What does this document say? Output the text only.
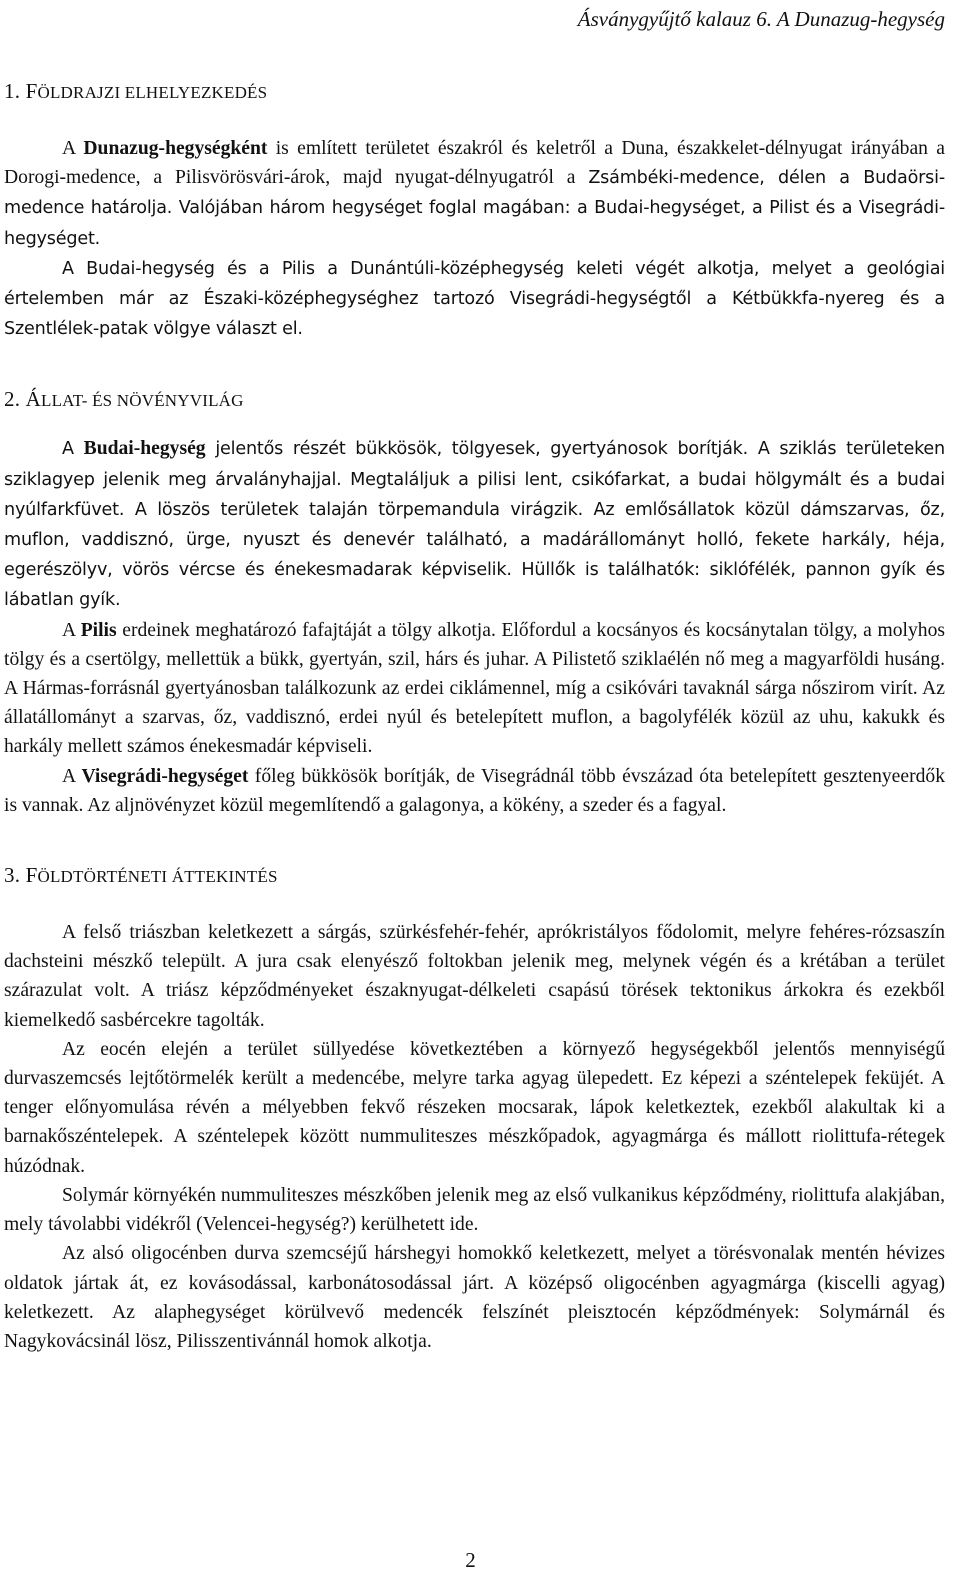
Ásványgyűjtő kalauz 6. A Dunazug-hegység
1. FÖLDRAJZI ELHELYEZKEDÉS

A Dunazug-hegységként is említett területet északról és keletről a Duna, északkelet-délnyugat irányában a Dorogi-medence, a Pilisvörösvári-árok, majd nyugat-délnyugatról a Zsámbéki-medence, délen a Budaörsi-medence határolja. Valójában három hegységet foglal magában: a Budai-hegységet, a Pilist és a Visegrádi-hegységet.

A Budai-hegység és a Pilis a Dunántúli-középhegység keleti végét alkotja, melyet a geológiai értelemben már az Északi-középhegységhez tartozó Visegrádi-hegységtől a Kétbükkfa-nyereg és a Szentlélek-patak völgye választ el.

2. ÁLLAT- ÉS NÖVÉNYVILÁG

A Budai-hegység jelentős részét bükkösök, tölgyesek, gyertyánosok borítják. A sziklás területeken sziklagyep jelenik meg árvalányhajjal. Megtaláljuk a pilisi lent, csikófarkat, a budai hölgymált és a budai nyúlfarkfüvet. A löszös területek talaján törpemandula virágzik. Az emlősállatok közül dámszarvas, őz, muflon, vaddisznó, ürge, nyuszt és denevér található, a madárállományt holló, fekete harkály, héja, egerészölyv, vörös vércse és énekesmadarak képviselik. Hüllők is találhatók: siklófélék, pannon gyík és lábatlan gyík.

A Pilis erdeinek meghatározó fafajtáját a tölgy alkotja. Előfordul a kocsányos és kocsánytalan tölgy, a molyhos tölgy és a csertölgy, mellettük a bükk, gyertyán, szil, hárs és juhar. A Pilistető sziklaélén nő meg a magyarföldi husáng. A Hármas-forrásnál gyertyánosban találkozunk az erdei ciklámennel, míg a csikóvári tavaknál sárga nőszirom virít. Az állatállományt a szarvas, őz, vaddisznó, erdei nyúl és betelepített muflon, a bagolyfélék közül az uhu, kakukk és harkály mellett számos énekesmadár képviseli.

A Visegrádi-hegységet főleg bükkösök borítják, de Visegrádnál több évszázad óta betelepített gesztenyeerdők is vannak. Az aljnövényzet közül megemlítendő a galagonya, a kökény, a szeder és a fagyal.

3. FÖLDTÖRTÉNETI ÁTTEKINTÉS

A felső triászban keletkezett a sárgás, szürkésfehér-fehér, aprókristályos fődolomit, melyre fehéres-rózsaszín dachsteini mészkő települt. A jura csak elenyésző foltokban jelenik meg, melynek végén és a krétában a terület szárazulat volt. A triász képződményeket északnyugat-délkeleti csapású törések tektonikus árkokra és ezekből kiemelkedő sasbércekre tagolták.

Az eocén elején a terület süllyedése következtében a környező hegységekből jelentős mennyiségű durvaszemcsés lejtőtörmelék került a medencébe, melyre tarka agyag ülepedett. Ez képezi a széntelepek feküjét. A tenger előnyomulása révén a mélyebben fekvő részeken mocsarak, lápok keletkeztek, ezekből alakultak ki a barnakőszéntelepek. A széntelepek között nummuliteszes mészkőpadok, agyagmárga és mállott riolittufa-rétegek húzódnak.

Solymár környékén nummuliteszes mészkőben jelenik meg az első vulkanikus képződmény, riolittufa alakjában, mely távolabbi vidékről (Velencei-hegység?) kerülhetett ide.

Az alsó oligocénben durva szemcséjű hárshegyi homokkő keletkezett, melyet a törésvonalak mentén hévizes oldatok jártak át, ez kovásodással, karbonátosodással járt. A középső oligocénben agyagmárga (kiscelli agyag) keletkezett. Az alaphegységet körülvevő medencék felszínét pleisztocén képződmények: Solymárnál és Nagykovácsinál lösz, Pilisszentivánnál homok alkotja.

2
